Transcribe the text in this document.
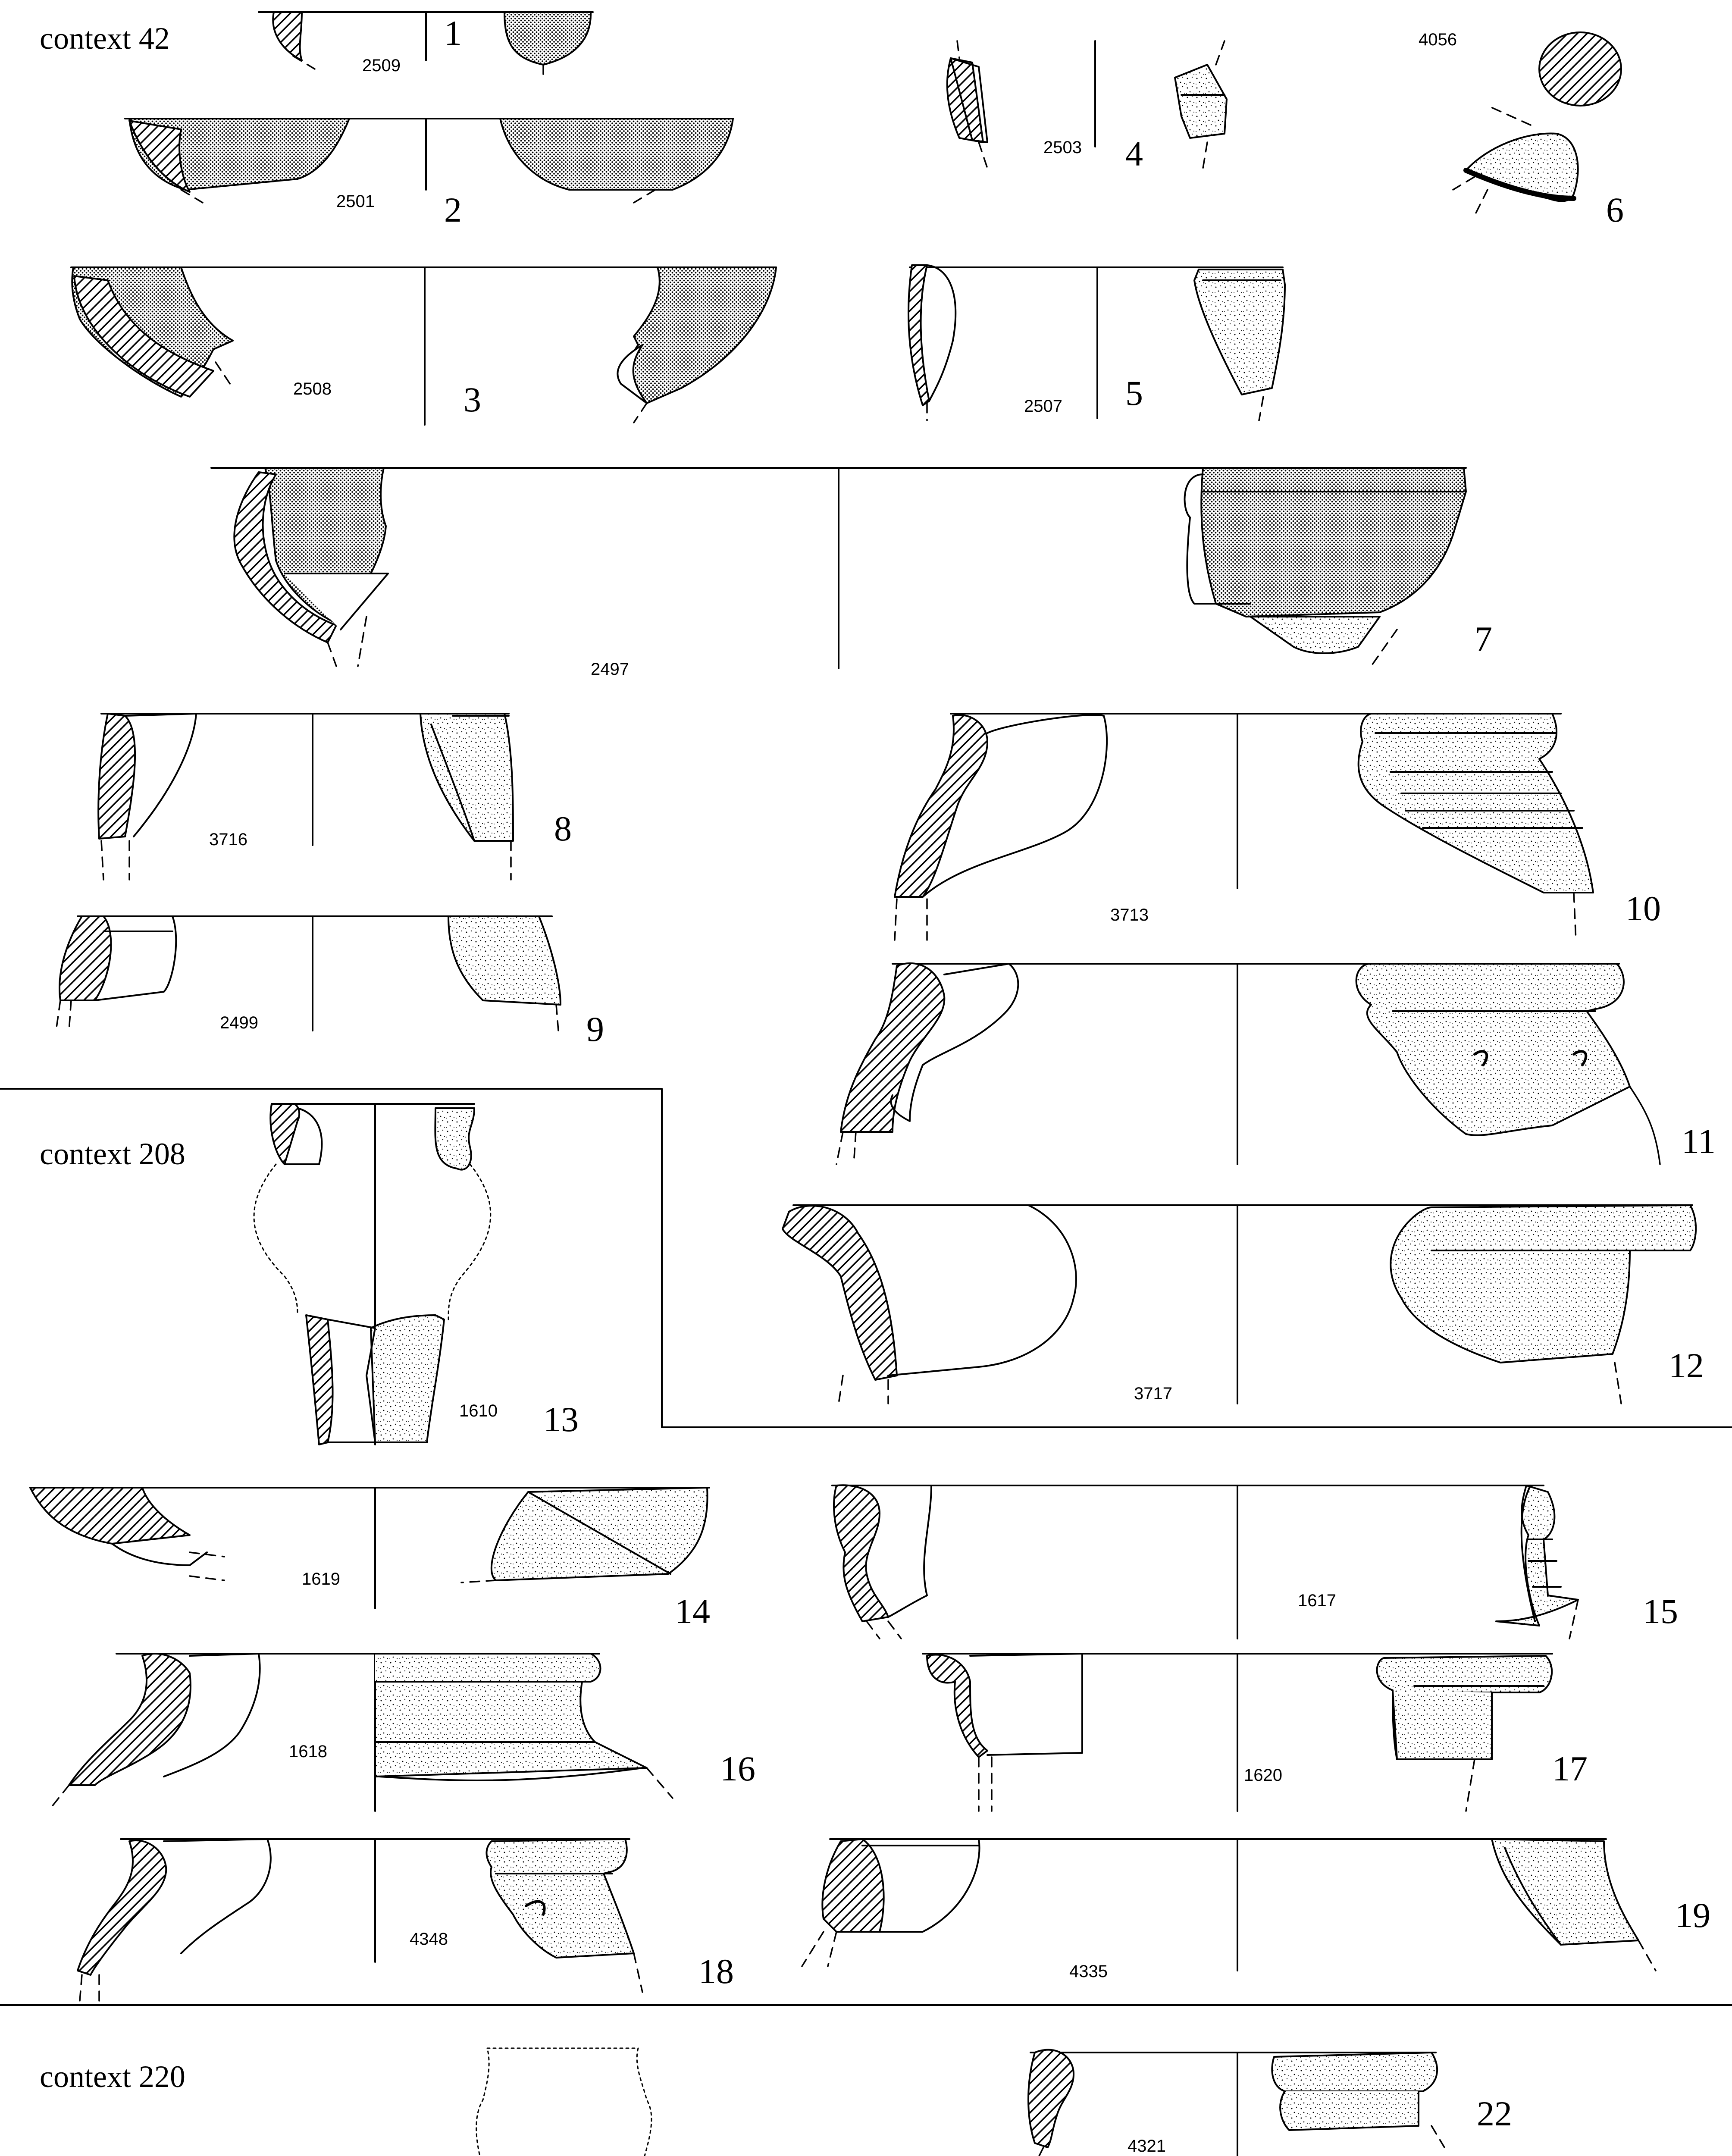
context 42
context 208
context 220
1
2
3
4
5
6
7
8
9
10
11
12
13
14	15
16	17
18
19
22
2509
2501
2508
2503
2507
4056
2497
3716
2499
3713
3717
1610
1619
1617
1618
1620
4348
4335
4321
